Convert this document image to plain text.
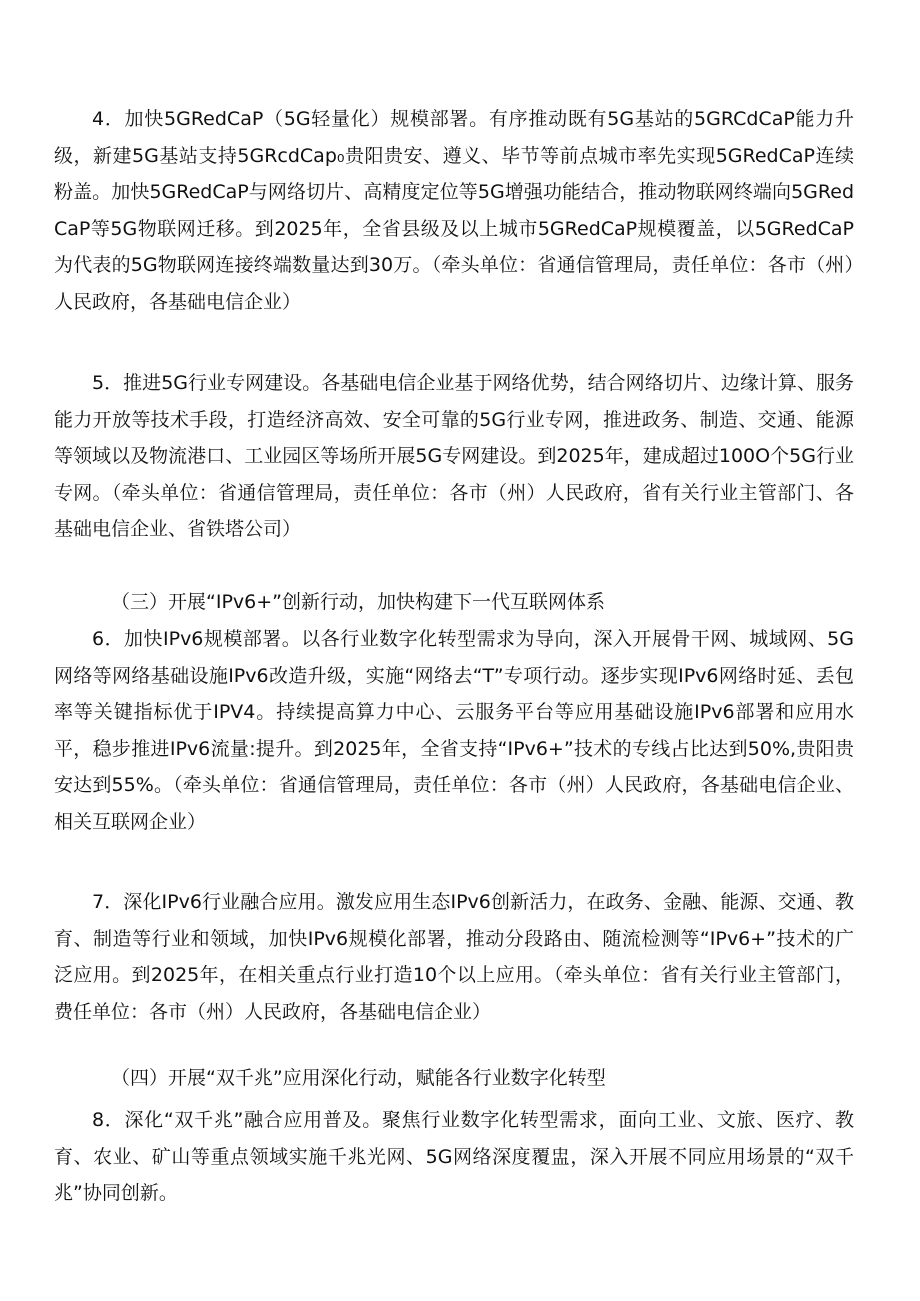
4．加快5GRedCaP（5G轻量化）规模部署。有序推动既有5G基站的5GRCdCaP能力升级，新建5G基站支持5GRcdCap₀贵阳贵安、遵义、毕节等前点城市率先实现5GRedCaP连续粉盖。加快5GRedCaP与网络切片、高精度定位等5G增强功能结合，推动物联网终端向5GRedCaP等5G物联网迁移。到2025年，全省县级及以上城市5GRedCaP规模覆盖，以5GRedCaP为代表的5G物联网连接终端数量达到30万。（牵头单位：省通信管理局，责任单位：各市（州）人民政府，各基础电信企业）

5．推进5G行业专网建设。各基础电信企业基于网络优势，结合网络切片、边缘计算、服务能力开放等技术手段，打造经济高效、安全可靠的5G行业专网，推进政务、制造、交通、能源等领域以及物流港口、工业园区等场所开展5G专网建设。到2025年，建成超过100O个5G行业专网。（牵头单位：省通信管理局，责任单位：各市（州）人民政府，省有关行业主管部门、各基础电信企业、省铁塔公司）

（三）开展“IPv6+”创新行动，加快构建下一代互联网体系

6．加快IPv6规模部署。以各行业数字化转型需求为导向，深入开展骨干网、城域网、5G网络等网络基础设施IPv6改造升级，实施“网络去“T”专项行动。逐步实现IPv6网络时延、丢包率等关键指标优于IPV4。持续提高算力中心、云服务平台等应用基础设施IPv6部署和应用水平，稳步推进IPv6流量:提升。到2025年，全省支持“IPv6+”技术的专线占比达到50%,贵阳贵安达到55%。（牵头单位：省通信管理局，责任单位：各市（州）人民政府，各基础电信企业、相关互联网企业）

7．深化IPv6行业融合应用。激发应用生态IPv6创新活力，在政务、金融、能源、交通、教育、制造等行业和领域，加快IPv6规模化部署，推动分段路由、随流检测等“IPv6+”技术的广泛应用。到2025年，在相关重点行业打造10个以上应用。（牵头单位：省有关行业主管部门，费任单位：各市（州）人民政府，各基础电信企业）

（四）开展“双千兆”应用深化行动，赋能各行业数字化转型

8．深化“双千兆”融合应用普及。聚焦行业数字化转型需求，面向工业、文旅、医疗、教育、农业、矿山等重点领域实施千兆光网、5G网络深度覆盅，深入开展不同应用场景的“双千兆”协同创新。
